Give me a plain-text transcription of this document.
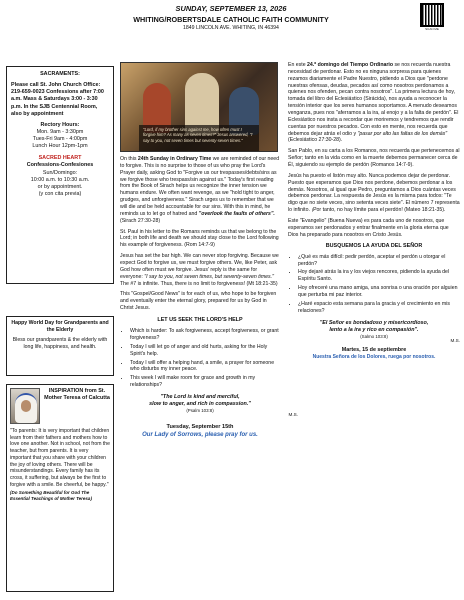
SUNDAY, SEPTEMBER 13, 2026
WHITING/ROBERTSDALE CATHOLIC FAITH COMMUNITY
1849 LINCOLN AVE. WHITING, IN 46394	SCAN ME

SACRAMENTS:

Please call St. John Church Office: 219-659-0023 Confessions after 7:00 a.m. Mass & Saturdays 3:00 - 3:30 p.m. In the SJB Centennial Room, also by appointment

Rectory Hours:
Mon. 9am - 3:30pm
Tues-Fri 9am - 4:00pm
Lunch Hour 12pm-1pm
SACRED HEART
Confessions-Confesiones
Sun/Domingo:
10:00 a.m. to 10:30 a.m.
or by appointment.
(y con cita previa)
Happy World Day for Grandparents and the Elderly
Bless our grandparents & the elderly with long life, happiness, and health.
INSPIRATION from St. Mother Teresa of Calcutta
"To parents: It is very important that children learn from their fathers and mothers how to love one another. Not in school, not from the teacher, but from parents. It is very important that you share with your children the joy of loving others. There will be misunderstandings. Every family has its cross, it suffering, but always be the first to forgive with a smile. Be cheerful, be happy."
(Do Something Beautiful for God The Essential Teachings of Mother Teresa)
"Lord, if my brother sins against me, how often must I forgive him? As many as seven times?" Jesus answered, "I say to you, not seven times but seventy-seven times."

On this 24th Sunday in Ordinary Time we are reminded of our need to forgive. This is no surprise to those of us who pray the Lord's Prayer daily, asking God to "Forgive us our trespasses/debts/sins as we forgive those who trespass/sin against us." Today's first reading from the Book of Sirach helps us recognize the inner tension we humans endure. We often want revenge, as we "hold tight to anger, grudges, and unforgiveness." Sirach urges us to remember that we will die and be held accountable for our sins. With this in mind, he reminds us to let go of hatred and "overlook the faults of others". (Sirach 27:30-28)

St. Paul in his letter to the Romans reminds us that we belong to the Lord; in both life and death we should stay close to the Lord following his example of forgiveness. (Rom 14:7-9)

Jesus has set the bar high. We can never stop forgiving. Because we expect God to forgive us, we must forgive others. We, like Peter, ask God how often must we forgive. Jesus' reply is the same for everyone: "I say to you, not seven times, but seventy-seven times." The #7 is infinite. Thus, there is no limit to forgiveness! (Mt 18:21-35)

This "Gospel/Good News" is for each of us, who hope to be forgiven and eventually enter the eternal glory, prepared for us by God in Christ Jesus.

LET US SEEK THE LORD'S HELP
• Which is harder: To ask forgiveness, accept forgiveness, or grant forgiveness?
• Today I will let go of anger and old hurts, asking for the Holy Spirit's help.
• Today I will offer a helping hand, a smile, a prayer for someone who disturbs my inner peace.
• This week I will make room for grace and growth in my relationships?
"The Lord is kind and merciful,
slow to anger, and rich in compassion."
(Psalm 103:8)
M.S.
Tuesday, September 15th
Our Lady of Sorrows, please pray for us.

En este 24.º domingo del Tiempo Ordinario se nos recuerda nuestra necesidad de perdonar. Esto no es ninguna sorpresa para quienes rezamos diariamente el Padre Nuestro, pidiendo a Dios que "perdone nuestras ofensas, deudas, pecados así como nosotros perdonamos a quienes nos ofenden, pecan contra nosotros". La primera lectura de hoy, tomada del libro del Eclesiástico (Sirácida), nos ayuda a reconocer la tensión interior que los seres humanos soportamos. A menudo deseamos venganza, pues nos "aferramos a la ira, al enojo y a la falta de perdón". El Eclesiástico nos insta a recordar que moriremos y tendremos que rendir cuentas por nuestros pecados. Con esto en mente, nos recuerda que debemos dejar atrás el odio y "pasar por alto las faltas de los demás" (Eclesiástico 27:30-28).

San Pablo, en su carta a los Romanos, nos recuerda que pertenecemos al Señor; tanto en la vida como en la muerte debemos permanecer cerca de Él, siguiendo su ejemplo de perdón (Romanos 14:7-9).

Jesús ha puesto el listón muy alto. Nunca podemos dejar de perdonar. Puesto que esperamos que Dios nos perdone, debemos perdonar a los demás. Nosotros, al igual que Pedro, preguntamos a Dios cuántas veces debemos perdonar. La respuesta de Jesús es la misma para todos: "Te digo que no siete veces, sino setenta veces siete". El número 7 representa lo infinito. ¡Por tanto, no hay límite para el perdón! (Mateo 18:21-35).

Este "Evangelio" (Buena Nueva) es para cada uno de nosotros, que esperamos ser perdonados y entrar finalmente en la gloria eterna que Dios ha preparado para nosotros en Cristo Jesús.

BUSQUEMOS LA AYUDA DEL SEÑOR
• ¿Qué es más difícil: pedir perdón, aceptar el perdón u otorgar el perdón?
• Hoy dejaré atrás la ira y los viejos rencores, pidiendo la ayuda del Espíritu Santo.
• Hoy ofreceré una mano amiga, una sonrisa o una oración por alguien que perturba mi paz interior.
• ¿Haré espacio esta semana para la gracia y el crecimiento en mis relaciones?
"El Señor es bondadoso y misericordioso,
lento a la ira y rico en compasión".
(Salmo 103:8)
M.S.
Martes, 15 de septiembre
Nuestra Señora de los Dolores, ruega por nosotros.
